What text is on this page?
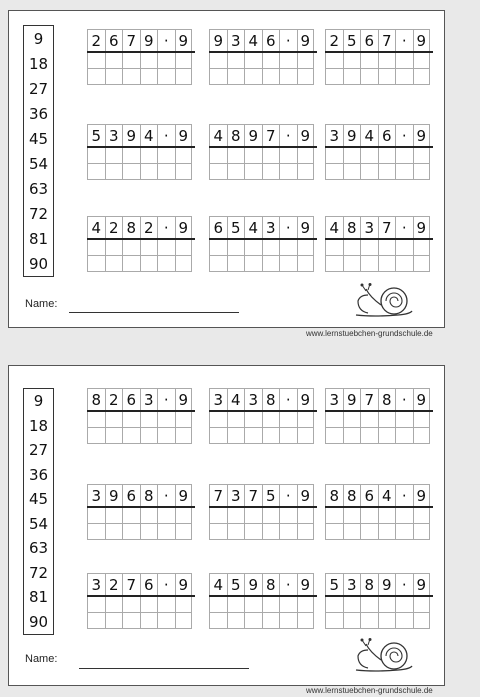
9
18
27
36
45
54
63
72
81
90
2 6 7 9 · 9 9 3 4 6 · 9 2 5 6 7 · 9
5 3 9 4 · 9 4 8 9 7 · 9 3 9 4 6 · 9
4 2 8 2 · 9 6 5 4 3 · 9 4 8 3 7 · 9
Name:
www.lernstuebchen-grundschule.de
9
18
27
36
45
54
63
72
81
90
8 2 6 3 · 9 3 4 3 8 · 9 3 9 7 8 · 9
3 9 6 8 · 9 7 3 7 5 · 9 8 8 6 4 · 9
3 2 7 6 · 9 4 5 9 8 · 9 5 3 8 9 · 9
Name:
www.lernstuebchen-grundschule.de
